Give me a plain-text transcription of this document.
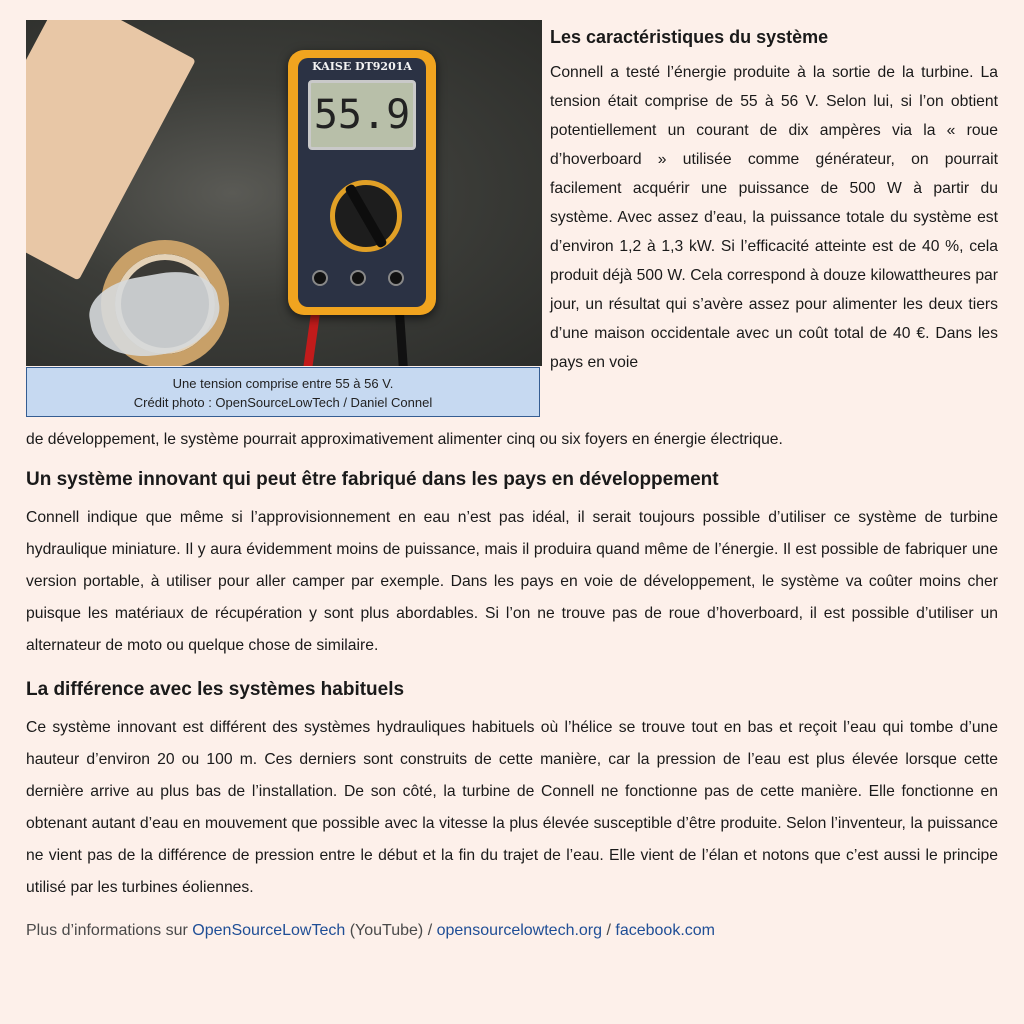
KAISE DT9201A
55.9
Une tension comprise entre 55 à 56 V.
Crédit photo : OpenSourceLowTech / Daniel Connel
Les caractéristiques du système
Connell a testé l’énergie produite à la sortie de la turbine. La tension était comprise de 55 à 56 V. Selon lui, si l’on obtient potentiellement un courant de dix ampères via la « roue d’hoverboard » utilisée comme générateur, on pourrait facilement acquérir une puissance de 500 W à partir du système. Avec assez d’eau, la puissance totale du système est d’environ 1,2 à 1,3 kW. Si l’efficacité atteinte est de 40 %, cela produit déjà 500 W. Cela correspond à douze kilowattheures par jour, un résultat qui s’avère assez pour alimenter les deux tiers d’une maison occidentale avec un coût total de 40 €. Dans les pays en voie
de développement, le système pourrait approximativement alimenter cinq ou six foyers en énergie électrique.
Un système innovant qui peut être fabriqué dans les pays en développement

Connell indique que même si l’approvisionnement en eau n’est pas idéal, il serait toujours possible d’utiliser ce système de turbine hydraulique miniature. Il y aura évidemment moins de puissance, mais il produira quand même de l’énergie. Il est possible de fabriquer une version portable, à utiliser pour aller camper par exemple. Dans les pays en voie de développement, le système va coûter moins cher puisque les matériaux de récupération y sont plus abordables. Si l’on ne trouve pas de roue d’hoverboard, il est possible d’utiliser un alternateur de moto ou quelque chose de similaire.

La différence avec les systèmes habituels

Ce système innovant est différent des systèmes hydrauliques habituels où l’hélice se trouve tout en bas et reçoit l’eau qui tombe d’une hauteur d’environ 20 ou 100 m. Ces derniers sont construits de cette manière, car la pression de l’eau est plus élevée lorsque cette dernière arrive au plus bas de l’installation. De son côté, la turbine de Connell ne fonctionne pas de cette manière. Elle fonctionne en obtenant autant d’eau en mouvement que possible avec la vitesse la plus élevée susceptible d’être produite. Selon l’inventeur, la puissance ne vient pas de la différence de pression entre le début et la fin du trajet de l’eau. Elle vient de l’élan et notons que c’est aussi le principe utilisé par les turbines éoliennes.

Plus d’informations sur OpenSourceLowTech (YouTube) / opensourcelowtech.org / facebook.com
